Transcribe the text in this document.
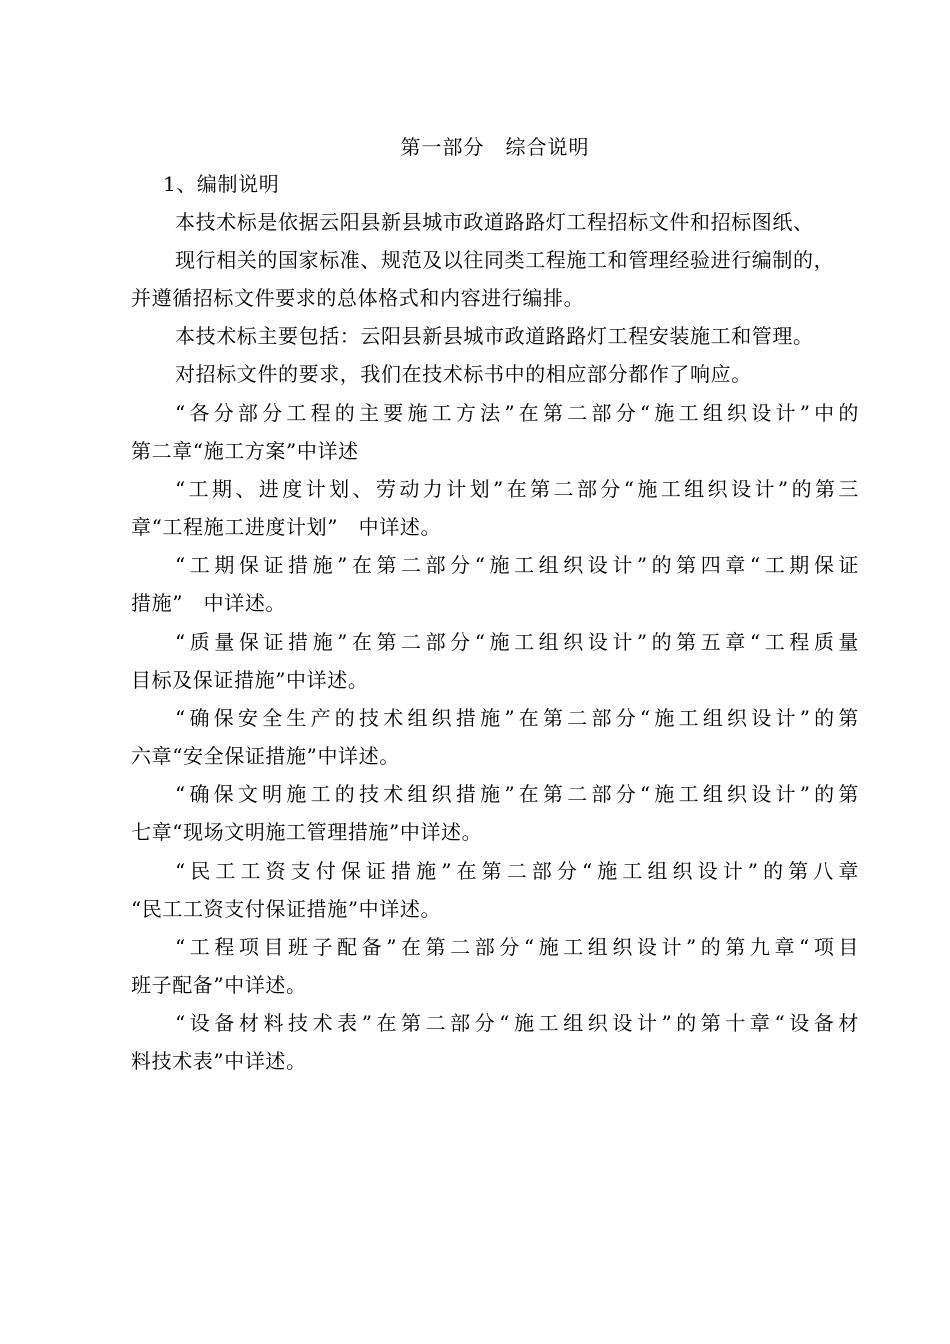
第一部分　综合说明
1、编制说明
本技术标是依据云阳县新县城市政道路路灯工程招标文件和招标图纸、
现行相关的国家标准、规范及以往同类工程施工和管理经验进行编制的，
并遵循招标文件要求的总体格式和内容进行编排。
本技术标主要包括：云阳县新县城市政道路路灯工程安装施工和管理。
对招标文件的要求，我们在技术标书中的相应部分都作了响应。
“各分部分工程的主要施工方法”在第二部分“施工组织设计”中的
第二章“施工方案”中详述
“工期、进度计划、劳动力计划”在第二部分“施工组织设计”的第三
章“工程施工进度计划”　中详述。
“工期保证措施”在第二部分“施工组织设计”的第四章“工期保证
措施”　中详述。
“质量保证措施”在第二部分“施工组织设计”的第五章“工程质量
目标及保证措施”中详述。
“确保安全生产的技术组织措施”在第二部分“施工组织设计”的第
六章“安全保证措施”中详述。
“确保文明施工的技术组织措施”在第二部分“施工组织设计”的第
七章“现场文明施工管理措施”中详述。
“民工工资支付保证措施”在第二部分“施工组织设计”的第八章
“民工工资支付保证措施”中详述。
“工程项目班子配备”在第二部分“施工组织设计”的第九章“项目
班子配备”中详述。
“设备材料技术表”在第二部分“施工组织设计”的第十章“设备材
料技术表”中详述。
